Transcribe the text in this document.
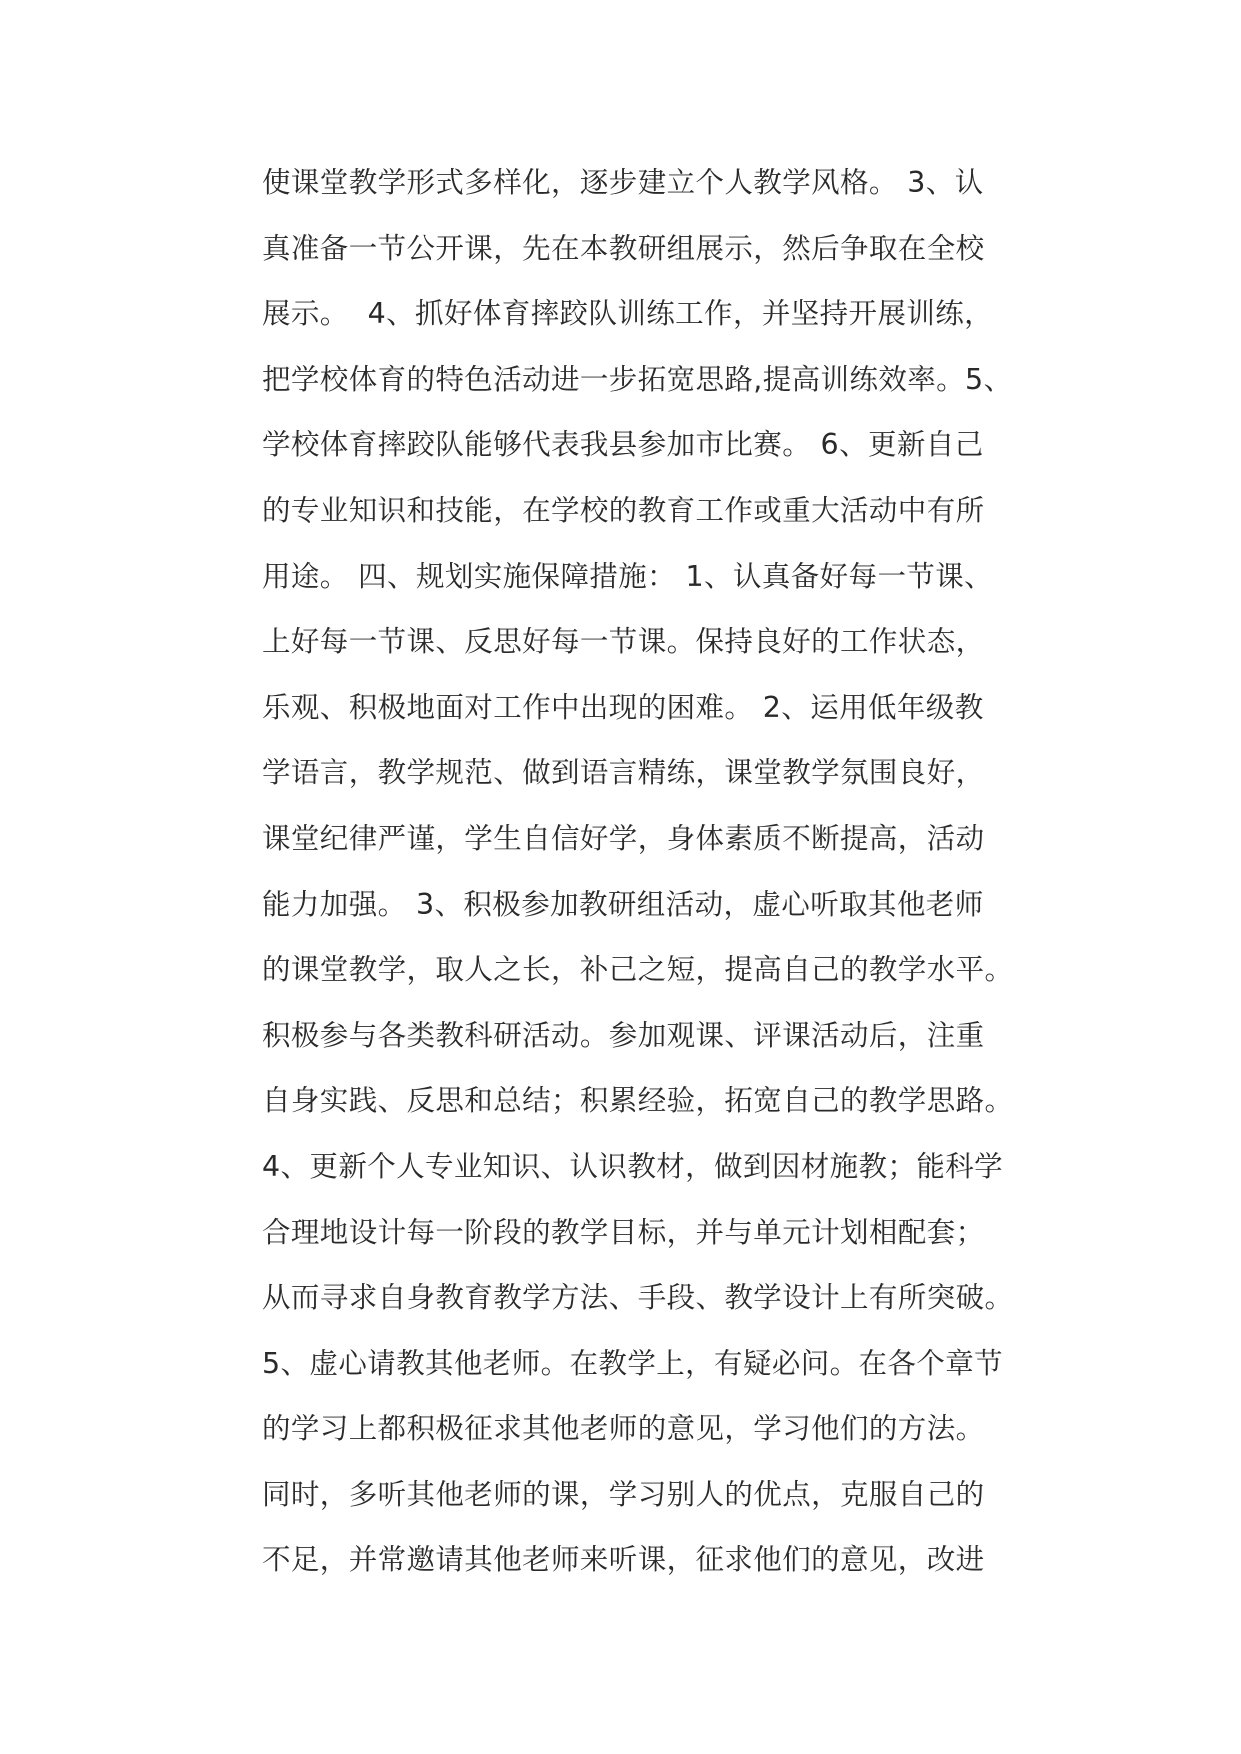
使课堂教学形式多样化，逐步建立个人教学风格。 3、认
真准备一节公开课，先在本教研组展示，然后争取在全校
展示。  4、抓好体育摔跤队训练工作，并坚持开展训练，
把学校体育的特色活动进一步拓宽思路,提高训练效率。5、
学校体育摔跤队能够代表我县参加市比赛。 6、更新自己
的专业知识和技能，在学校的教育工作或重大活动中有所
用途。 四、规划实施保障措施： 1、认真备好每一节课、
上好每一节课、反思好每一节课。保持良好的工作状态，
乐观、积极地面对工作中出现的困难。 2、运用低年级教
学语言，教学规范、做到语言精练，课堂教学氛围良好，
课堂纪律严谨，学生自信好学，身体素质不断提高，活动
能力加强。 3、积极参加教研组活动，虚心听取其他老师
的课堂教学，取人之长，补己之短，提高自己的教学水平。
积极参与各类教科研活动。参加观课、评课活动后，注重
自身实践、反思和总结；积累经验，拓宽自己的教学思路。
4、更新个人专业知识、认识教材，做到因材施教；能科学
合理地设计每一阶段的教学目标，并与单元计划相配套；
从而寻求自身教育教学方法、手段、教学设计上有所突破。
5、虚心请教其他老师。在教学上，有疑必问。在各个章节
的学习上都积极征求其他老师的意见，学习他们的方法。
同时，多听其他老师的课，学习别人的优点，克服自己的
不足，并常邀请其他老师来听课，征求他们的意见，改进
